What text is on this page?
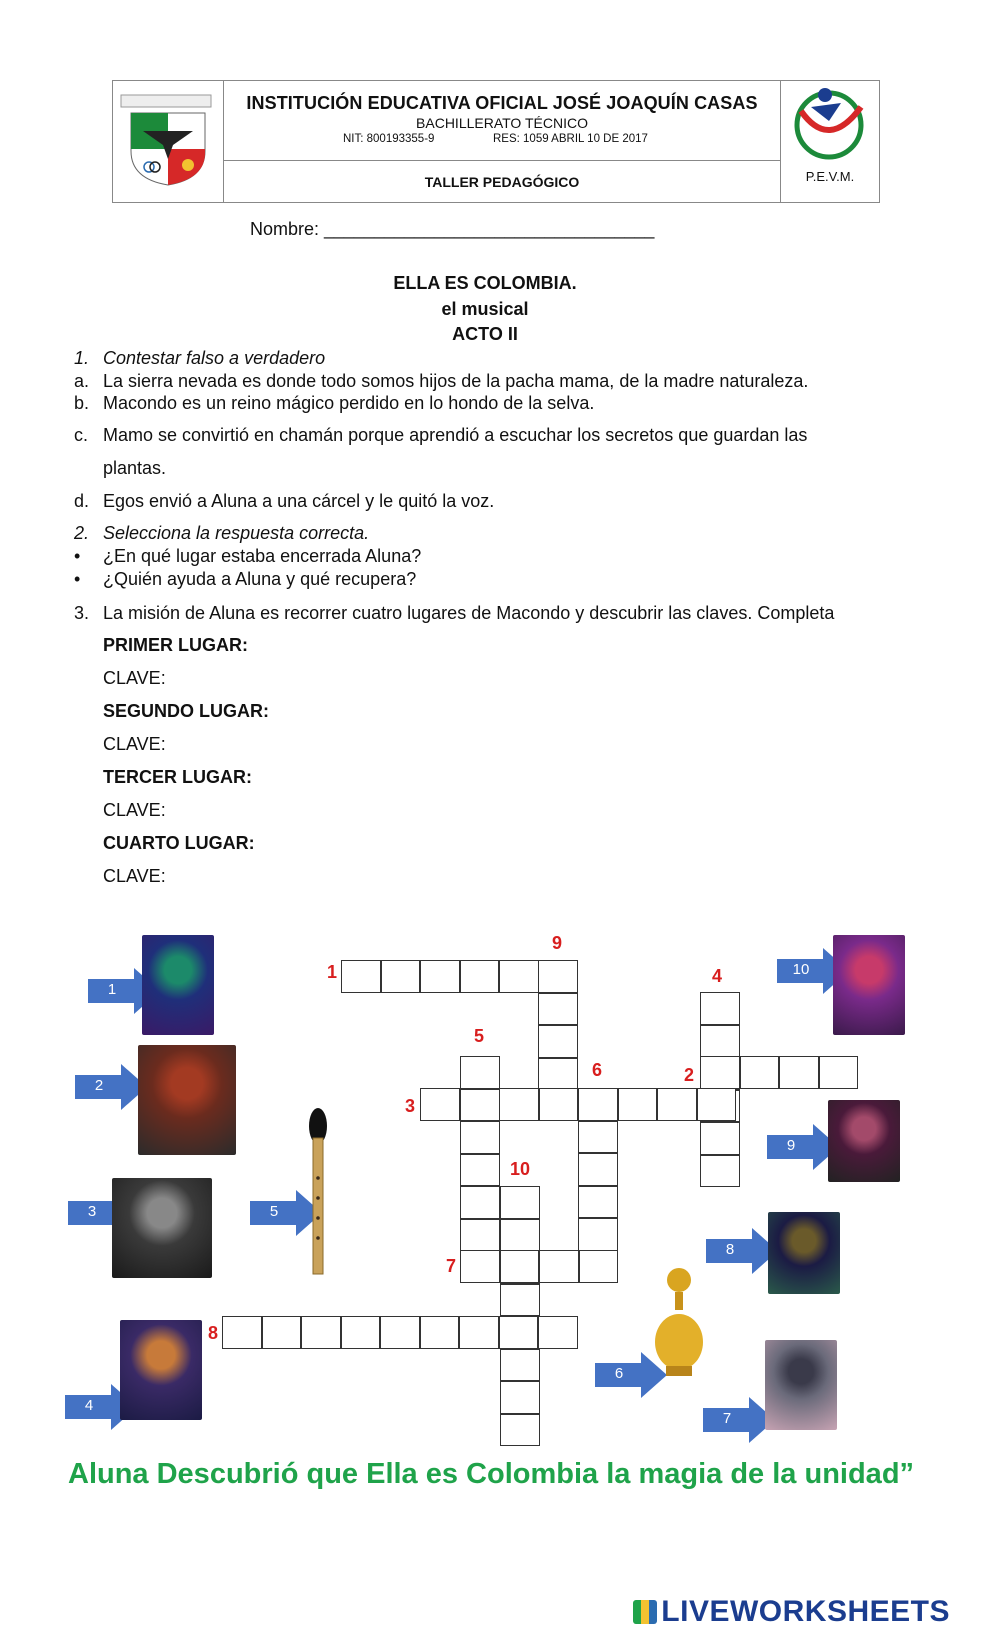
INSTITUCIÓN EDUCATIVA OFICIAL JOSÉ JOAQUÍN CASAS
BACHILLERATO TÉCNICO
NIT: 800193355-9	RES: 1059 ABRIL 10 DE 2017
TALLER PEDAGÓGICO	P.E.V.M.
Nombre: _________________________________
ELLA ES COLOMBIA.
el musical
ACTO II
1. Contestar falso a verdadero
a. La sierra nevada es donde todo somos hijos de la pacha mama, de la madre naturaleza.
b. Macondo es un reino mágico perdido en lo hondo de la selva.
c. Mamo se convirtió en chamán porque aprendió a escuchar los secretos que guardan las
plantas.
d. Egos envió a Aluna a una cárcel y le quitó la voz.
2. Selecciona la respuesta correcta.
• ¿En qué lugar estaba encerrada Aluna?
• ¿Quién ayuda a Aluna y qué recupera?
3. La misión de Aluna es recorrer cuatro lugares de Macondo y descubrir las claves. Completa
PRIMER LUGAR:
CLAVE:
SEGUNDO LUGAR:
CLAVE:
TERCER LUGAR:
CLAVE:
CUARTO LUGAR:
CLAVE:
1
2
3
4
5
6
7
8
9
10
1
2
3
4
5
6
7
8
9
10
Aluna Descubrió que Ella es Colombia la magia de la unidad”
LIVEWORKSHEETS
